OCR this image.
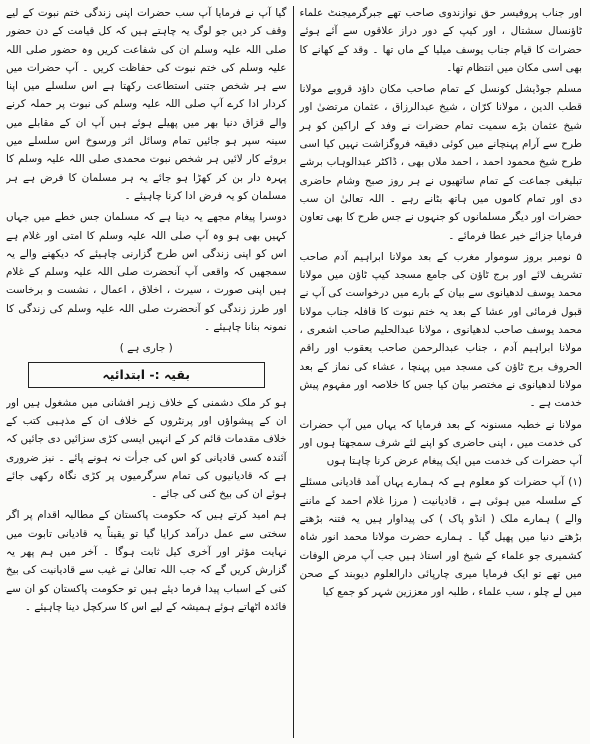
اور جناب پروفیسر حق نوازندوی صاحب تھے جبرگرمیجنٹ علماء ٹاؤنسال سشتال ، اور کیپ کے دور دراز علاقوں سے آئے ہوئے حضرات کا قیام جناب یوسف میلیا کے ماں تھا ۔ وقد کے کھانے کا بھی اسی مکان میں انتظام تھا۔

مسلم جوڈیشل کونسل کے تمام صاحب مکان داؤد قروبے مولانا قطب الدین ، مولانا کرّان ، شیخ عبدالرزاق ، عثمان مرتضیٰ اور شیخ عثمان بڑے سمیت تمام حضرات نے وفد کے اراکین کو ہر طرح سے آرام پہنچانے میں کوئی دقیقہ فروگزاشت نہیں کیا اسی طرح شیخ محمود احمد ، احمد ملاں بھی ، ڈاکٹر عبدالوہاب برشے تبلیغی جماعت کے تمام ساتھیوں نے ہر روز صبح وشام حاضری دی اور تمام کاموں میں ہاتھ بٹانے رہے ۔ اللہ تعالیٰ ان سب حضرات اور دیگر مسلمانوں کو جنہوں نے جس طرح کا بھی تعاون فرمایا جزائے خیر عطا فرمائے ۔

۵ نومبر بروز سوموار مغرب کے بعد مولانا ابراہیم آدم صاحب تشریف لائے اور برج ٹاؤن کی جامع مسجد کیپ ٹاؤن میں مولانا محمد یوسف لدھیانوی سے بیان کے بارے میں درخواست کی آپ نے قبول فرمائی اور عشا کے بعد یہ ختم نبوت کا قافلہ جناب مولانا محمد یوسف صاحب لدھیانوی ، مولانا عبدالحلیم صاحب اشعری ، مولانا ابراہیم آدم ، جناب عبدالرحمن صاحب یعقوب اور راقم الحروف برج ٹاؤن کی مسجد میں پہنچا ، عشاء کی نماز کے بعد مولانا لدھیانوی نے مختصر بیان کیا جس کا خلاصہ اور مفہوم پیش خدمت ہے ۔

مولانا نے خطبہ مسنونہ کے بعد فرمایا کہ یہاں میں آپ حضرات کی خدمت میں ، اپنی حاضری کو اپنے لئے شرف سمجھتا ہوں اور آپ حضرات کی خدمت میں ایک پیغام عرض کرنا چاہتا ہوں

(۱) آپ حضرات کو معلوم ہے کہ ہمارے یہاں آمد قادیانی مسئلے کے سلسلہ میں ہوئی ہے ، قادیانیت ( مرزا غلام احمد کے ماننے والے ) ہمارے ملک ( انڈو پاک ) کی پیداوار ہیں یہ فتنہ بڑھتے بڑھتے دنیا میں پھیل گیا ۔ ہمارے حضرت مولانا محمد انور شاہ کشمیری جو علماء کے شیخ اور استاذ ہیں جب آپ مرض الوفات میں تھے تو ایک فرمایا میری چارپائی دارالعلوم دیوبند کے صحن میں لے چلو ، سب علماء ، طلبہ اور معززین شہر کو جمع کیا

گیا آپ نے فرمایا آپ سب حضرات اپنی زندگی ختم نبوت کے لیے وقف کر دیں جو لوگ یہ چاہتے ہیں کہ کل قیامت کے دن حضور صلی اللہ علیہ وسلم ان کی شفاعت کریں وہ حضور صلی اللہ علیہ وسلم کی ختم نبوت کی حفاظت کریں ۔ آپ حضرات میں سے ہر شخص جتنی استطاعت رکھتا ہے اس سلسلے میں اپنا کردار ادا کرے آپ صلی اللہ علیہ وسلم کی نبوت پر حملہ کرنے والے قزاق دنیا بھر میں پھیلے ہوئے ہیں آپ ان کے مقابلے میں سینہ سپر ہو جائیں تمام وسائل اثر ورسوخ اس سلسلے میں بروئے کار لائیں ہر شخص نبوت محمدی صلی اللہ علیہ وسلم کا پہرہ دار بن کر کھڑا ہو جائے یہ ہر مسلمان کا فرض ہے ہر مسلمان کو یہ فرض ادا کرنا چاہیئے ۔

دوسرا پیغام مجھے یہ دینا ہے کہ مسلمان جس خطے میں جہاں کہیں بھی ہو وہ آپ صلی اللہ علیہ وسلم کا امتی اور غلام ہے اس کو اپنی زندگی اس طرح گزارنی چاہیئے کہ دیکھنے والے یہ سمجھیں کہ واقعی آپ آنحضرت صلی اللہ علیہ وسلم کے غلام ہیں اپنی صورت ، سیرت ، اخلاق ، اعمال ، نشست و برخاست اور طرز زندگی کو آنحضرت صلی اللہ علیہ وسلم کی زندگی کا نمونہ بنانا چاہیئے ۔

( جاری ہے )
بقیہ :- ابتدائیہ

ہو کر ملک دشمنی کے خلاف زہر افشانی میں مشغول ہیں اور ان کے پیشواؤں اور پرنٹروں کے خلاف ان کے مذہبی کتب کے خلاف مقدمات قائم کر کے انہیں ایسی کڑی سزائیں دی جائیں کہ آئندہ کسی قادیانی کو اس کی جرأت نہ ہونے پائے ۔ نیز ضروری ہے کہ قادیانیوں کی تمام سرگرمیوں پر کڑی نگاہ رکھی جائے ہوئے ان کی بیخ کنی کی جائے ۔

ہم امید کرتے ہیں کہ حکومت پاکستان کے مطالبہ اقدام پر اگر سختی سے عمل درآمد کرایا گیا تو یقیناً یہ قادیانی تابوت میں نہایت مؤثر اور آخری کیل ثابت ہوگا ۔ آخر میں ہم پھر یہ گزارش کریں گے کہ جب اللہ تعالیٰ نے غیب سے قادیانیت کی بیخ کنی کے اسباب پیدا فرما دیئے ہیں تو حکومت پاکستان کو ان سے فائدہ اٹھاتے ہوئے ہمیشہ کے لیے اس کا سرکچل دینا چاہیئے ۔
